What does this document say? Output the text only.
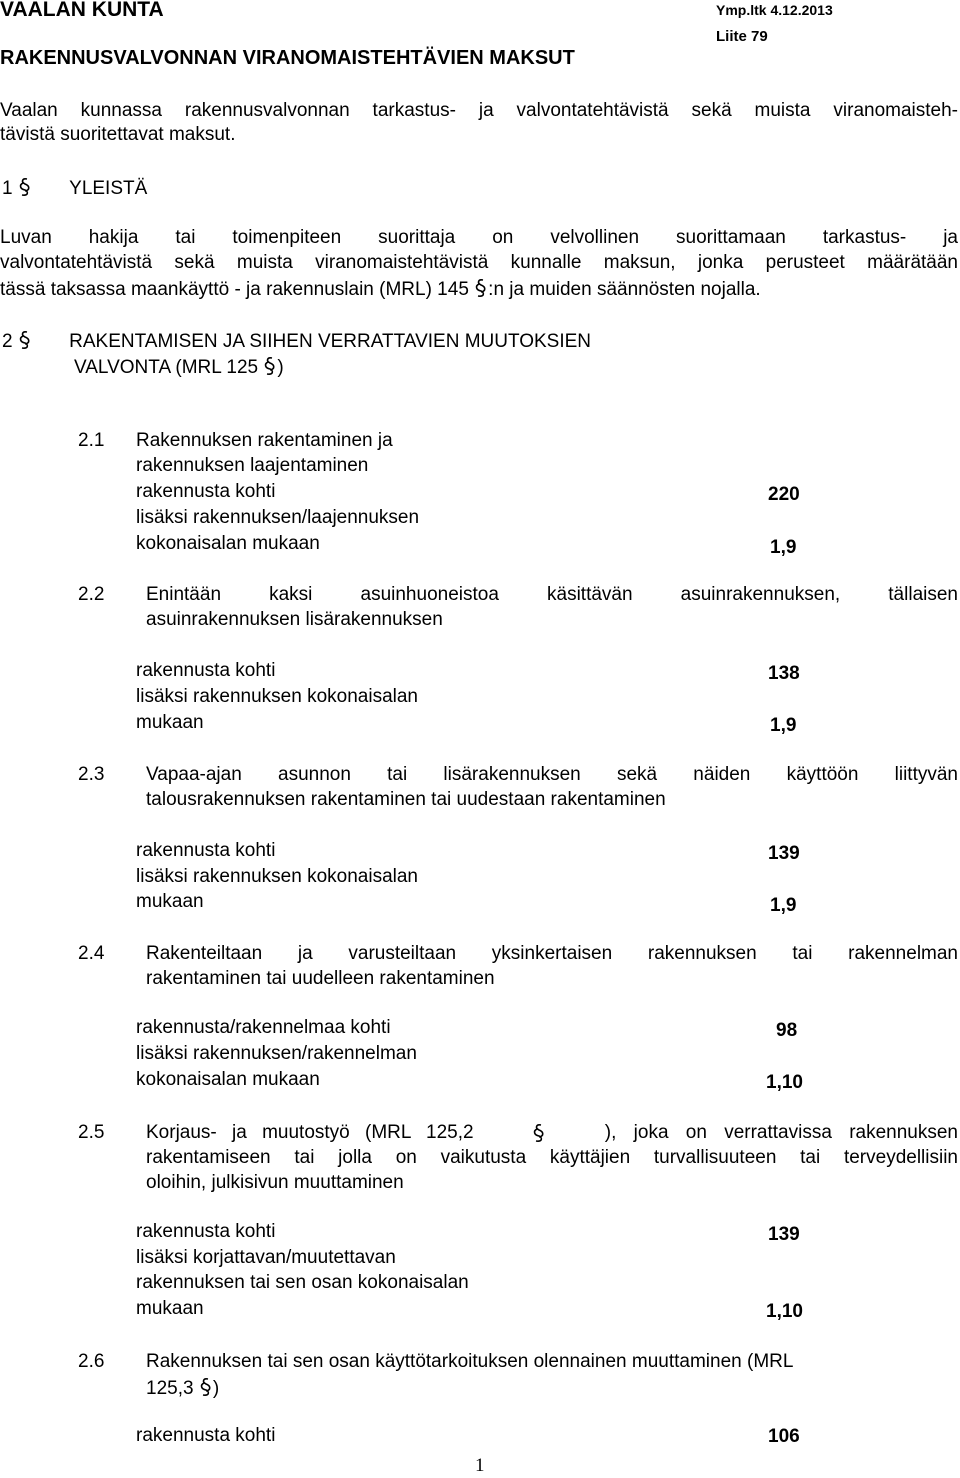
VAALAN KUNTA	Ymp.ltk 4.12.2013
Liite 79
RAKENNUSVALVONNAN VIRANOMAISTEHTÄVIEN MAKSUT
Vaalan kunnassa rakennusvalvonnan tarkastus- ja valvontatehtävistä sekä muista viranomaisteh-
tävistä suoritettavat maksut.
1	YLEISTÄ
Luvan hakija tai toimenpiteen suorittaja on velvollinen suorittamaan tarkastus- ja
valvontatehtävistä sekä muista viranomaistehtävistä kunnalle maksun, jonka perusteet määrätään
tässä taksassa maankäyttö - ja rakennuslain (MRL) 145 :n ja muiden säännösten nojalla.
2	RAKENTAMISEN JA SIIHEN VERRATTAVIEN MUUTOKSIEN
VALVONTA (MRL 125 )
2.1 Rakennuksen rakentaminen ja
rakennuksen laajentaminen
rakennusta kohti	220
lisäksi rakennuksen/laajennuksen
kokonaisalan mukaan	1,9
2.2 Enintään kaksi asuinhuoneistoa käsittävän asuinrakennuksen, tällaisen
asuinrakennuksen lisärakennuksen
rakennusta kohti	138
lisäksi rakennuksen kokonaisalan
mukaan	1,9
2.3 Vapaa-ajan asunnon tai lisärakennuksen sekä näiden käyttöön liittyvän
talousrakennuksen rakentaminen tai uudestaan rakentaminen
rakennusta kohti	139
lisäksi rakennuksen kokonaisalan
mukaan	1,9
2.4 Rakenteiltaan ja varusteiltaan yksinkertaisen rakennuksen tai rakennelman
rakentaminen tai uudelleen rakentaminen
rakennusta/rakennelmaa kohti	98
lisäksi rakennuksen/rakennelman
kokonaisalan mukaan	1,10
2.5 Korjaus- ja muutostyö (MRL 125,2	), joka on verrattavissa rakennuksen
rakentamiseen tai jolla on vaikutusta käyttäjien turvallisuuteen tai terveydellisiin
oloihin, julkisivun muuttaminen
rakennusta kohti	139
lisäksi korjattavan/muutettavan
rakennuksen tai sen osan kokonaisalan
mukaan	1,10
2.6 Rakennuksen tai sen osan käyttötarkoituksen olennainen muuttaminen (MRL
125,3 )
rakennusta kohti	106
1
